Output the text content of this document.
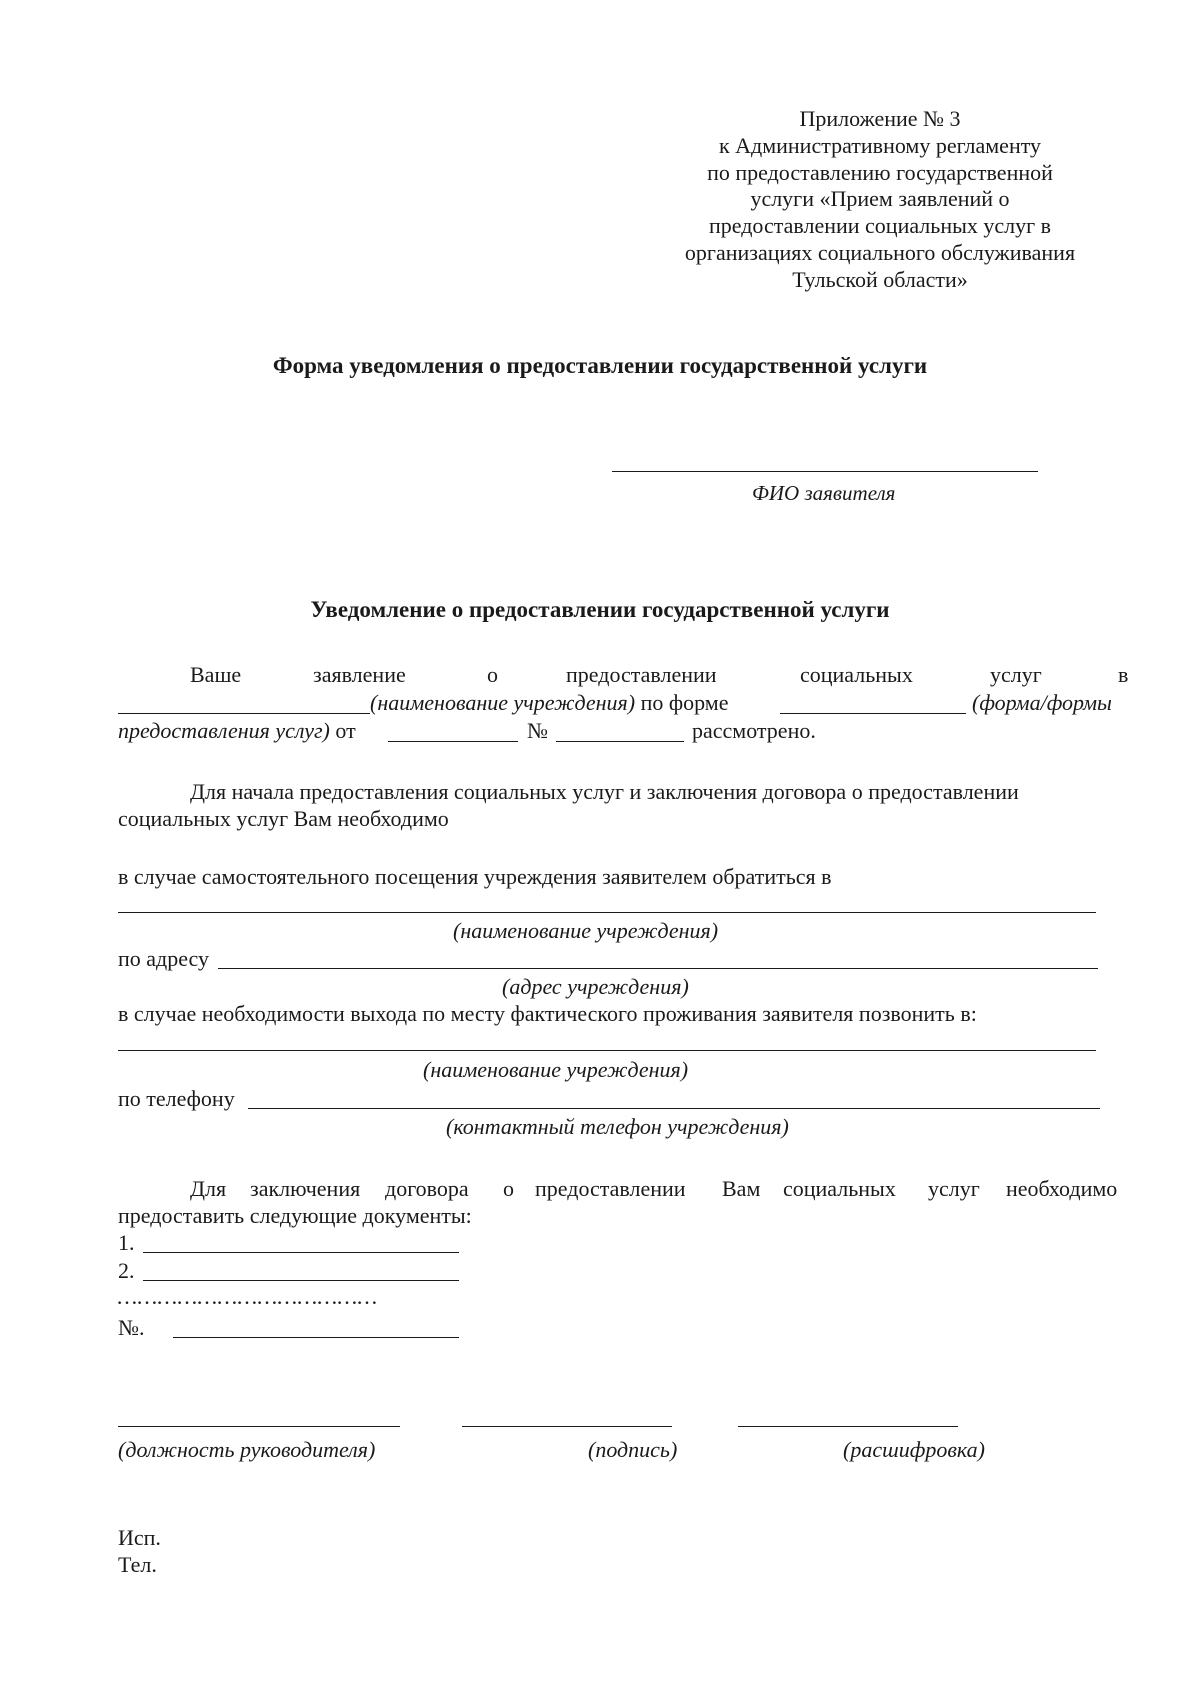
Приложение № 3
к Административному регламенту
по предоставлению государственной
услуги «Прием заявлений о
предоставлении социальных услуг в
организациях социального обслуживания
Тульской области»
Форма уведомления о предоставлении государственной услуги
ФИО заявителя
Уведомление о предоставлении государственной услуги
Ваше	заявление	о	предоставлении	социальных	услуг	в
(наименование учреждения) по форме	(форма/формы
предоставления услуг) от	№	рассмотрено.
Для начала предоставления социальных услуг и заключения договора о предоставлении
социальных услуг Вам необходимо
в случае самостоятельного посещения учреждения заявителем обратиться в
(наименование учреждения)
по адресу
(адрес учреждения)
в случае необходимости выхода по месту фактического проживания заявителя позвонить в:
(наименование учреждения)
по телефону
(контактный телефон учреждения)
Для заключения договора о предоставлении Вам социальных услуг необходимо
предоставить следующие документы:
1.
2.
…………………………………
№.
(должность руководителя)	(подпись)	(расшифровка)
Исп.
Тел.
